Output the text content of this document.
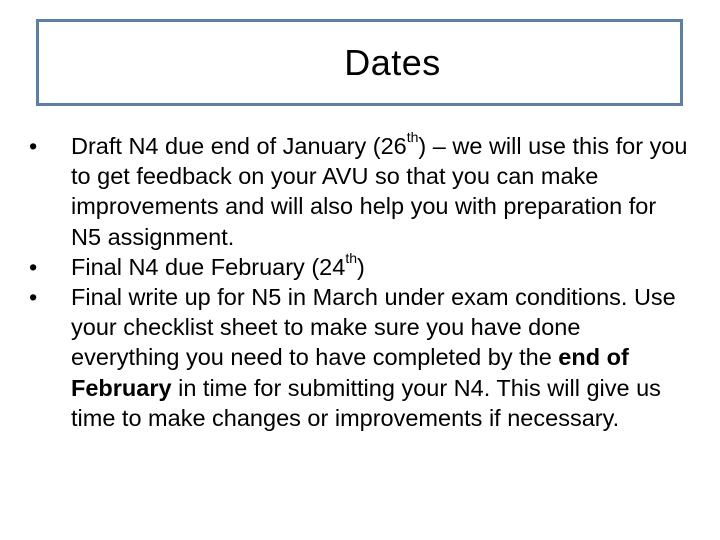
Dates
•	Draft N4 due end of January (26th) – we will use this for you to get feedback on your AVU so that you can make improvements and will also help you with preparation for N5 assignment.
•	Final N4 due February (24th)
•	Final write up for N5 in March under exam conditions. Use your checklist sheet to make sure you have done everything you need to have completed by the end of February in time for submitting your N4. This will give us time to make changes or improvements if necessary.
